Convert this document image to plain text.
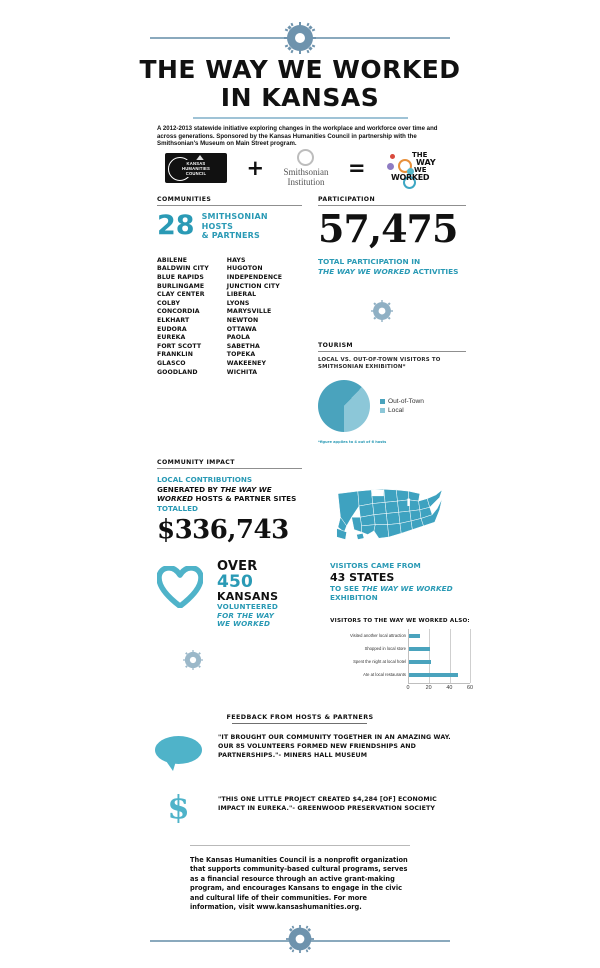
THE WAY WE WORKED
IN KANSAS
A 2012-2013 statewide initiative exploring changes in the workplace and workforce over time and across generations. Sponsored by the Kansas Humanities Council in partnership with the Smithsonian's Museum on Main Street program.
KANSAS
HUMANITIES
COUNCIL + Smithsonian
Institution
=
THE
WAY
WE
WORKED
COMMUNITIES
28 SMITHSONIAN HOSTS
& PARTNERS
ABILENE
BALDWIN CITY
BLUE RAPIDS
BURLINGAME
CLAY CENTER
COLBY
CONCORDIA
ELKHART
EUDORA
EUREKA
FORT SCOTT
FRANKLIN
GLASCO
GOODLAND
HAYS
HUGOTON
INDEPENDENCE
JUNCTION CITY
LIBERAL
LYONS
MARYSVILLE
NEWTON
OTTAWA
PAOLA
SABETHA
TOPEKA
WAKEENEY
WICHITA
PARTICIPATION
57,475
TOTAL PARTICIPATION IN
THE WAY WE WORKED ACTIVITIES
TOURISM
LOCAL VS. OUT-OF-TOWN VISITORS TO
SMITHSONIAN EXHIBITION*
Out-of-Town
Local
*figure applies to 4 out of 6 hosts
COMMUNITY IMPACT
LOCAL CONTRIBUTIONS
GENERATED BY THE WAY WE
WORKED HOSTS & PARTNER SITES
TOTALLED
$336,743
VISITORS CAME FROM
43 STATES
TO SEE THE WAY WE WORKED
EXHIBITION
OVER
450
KANSANS
VOLUNTEERED
FOR THE WAY
WE WORKED	VISITORS TO THE WAY WE WORKED ALSO:
Visited another local attraction
Shopped in local store
Spent the night at local hotel
Ate at local restaurants
0	20	40	60
FEEDBACK FROM HOSTS & PARTNERS
"IT BROUGHT OUR COMMUNITY TOGETHER IN AN AMAZING WAY. OUR 85 VOLUNTEERS FORMED NEW FRIENDSHIPS AND PARTNERSHIPS."- MINERS HALL MUSEUM
$	"THIS ONE LITTLE PROJECT CREATED $4,284 [OF] ECONOMIC IMPACT IN EUREKA."- GREENWOOD PRESERVATION SOCIETY
The Kansas Humanities Council is a nonprofit organization that supports community-based cultural programs, serves as a financial resource through an active grant-making program, and encourages Kansans to engage in the civic and cultural life of their communities. For more information, visit www.kansashumanities.org.
